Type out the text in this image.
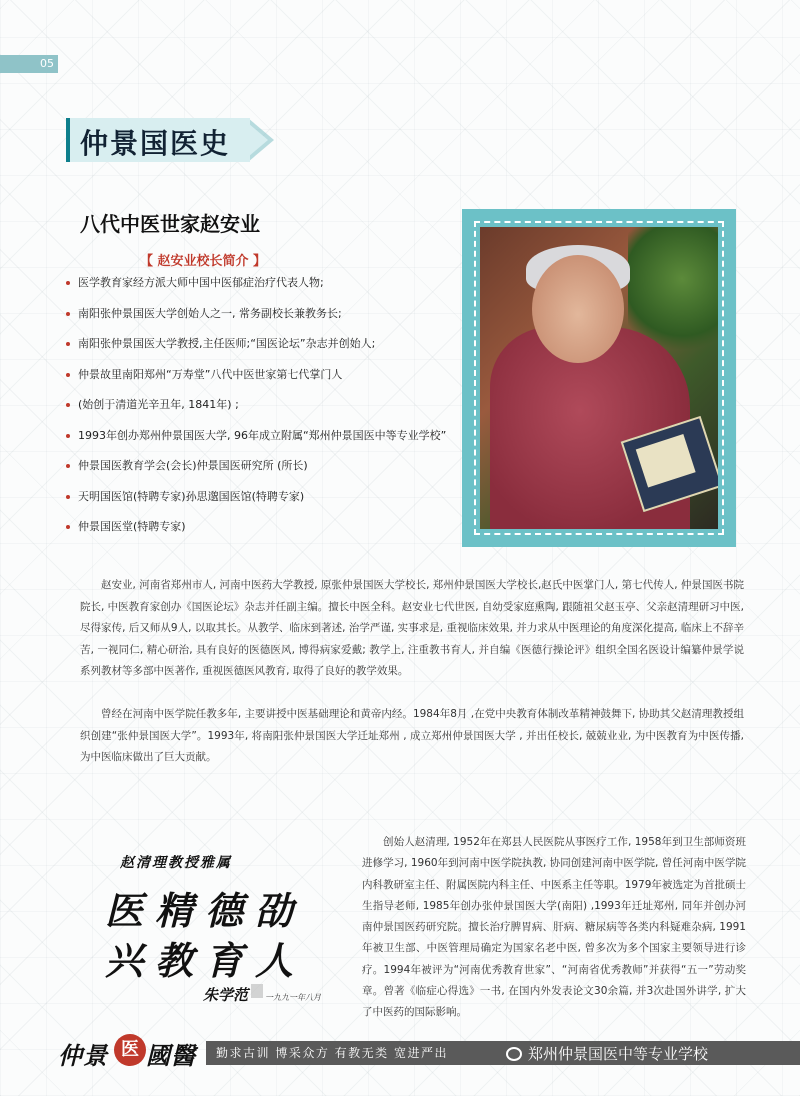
05
仲景国医史
八代中医世家赵安业
【 赵安业校长简介 】
医学教育家经方派大师中国中医郁症治疗代表人物;
南阳张仲景国医大学创始人之一, 常务副校长兼教务长;
南阳张仲景国医大学教授,主任医师;“国医论坛”杂志并创始人;
仲景故里南阳郑州“万寿堂”八代中医世家第七代掌门人
(始创于清道光辛丑年, 1841年) ;
1993年创办郑州仲景国医大学, 96年成立附属“郑州仲景国医中等专业学校”
仲景国医教育学会(会长)仲景国医研究所 (所长)
天明国医馆(特聘专家)孙思邈国医馆(特聘专家)
仲景国医堂(特聘专家)

赵安业, 河南省郑州市人, 河南中医药大学教授, 原张仲景国医大学校长, 郑州仲景国医大学校长,赵氏中医掌门人, 第七代传人, 仲景国医书院院长, 中医教育家创办《国医论坛》杂志并任副主编。擅长中医全科。赵安业七代世医, 自幼受家庭熏陶, 跟随祖父赵玉亭、父亲赵清理研习中医, 尽得家传, 后又师从9人, 以取其长。从教学、临床到著述, 治学严谨, 实事求是, 重视临床效果, 并力求从中医理论的角度深化提高, 临床上不辞辛苦, 一视同仁, 精心研治, 具有良好的医德医风, 博得病家爱戴; 教学上, 注重教书育人, 并自编《医德行操论评》组织全国名医设计编纂仲景学说系列教材等多部中医著作, 重视医德医风教育, 取得了良好的教学效果。

曾经在河南中医学院任教多年, 主要讲授中医基础理论和黄帝内经。1984年8月 ,在党中央教育体制改革精神鼓舞下, 协助其父赵清理教授组织创建“张仲景国医大学”。1993年, 将南阳张仲景国医大学迁址郑州 , 成立郑州仲景国医大学 , 并出任校长, 兢兢业业, 为中医教育为中医传播, 为中医临床做出了巨大贡献。

赵清理教授雅属
医精德劭
兴教育人
朱学范 一九九一年八月

创始人赵清理, 1952年在郑县人民医院从事医疗工作, 1958年到卫生部师资班进修学习, 1960年到河南中医学院执教, 协同创建河南中医学院, 曾任河南中医学院内科教研室主任、附属医院内科主任、中医系主任等职。1979年被选定为首批硕士生指导老师, 1985年创办张仲景国医大学(南阳) ,1993年迁址郑州, 同年并创办河南仲景国医药研究院。擅长治疗脾胃病、肝病、糖尿病等各类内科疑难杂病, 1991年被卫生部、中医管理局确定为国家名老中医, 曾多次为多个国家主要领导进行诊疗。1994年被评为“河南优秀教育世家”、“河南省优秀教师”并获得“五一”劳动奖章。曾著《临症心得选》一书, 在国内外发表论文30余篇, 并3次赴国外讲学, 扩大了中医药的国际影响。

仲景 医 國醫 勤求古训 博采众方 有教无类 宽进严出	郑州仲景国医中等专业学校
